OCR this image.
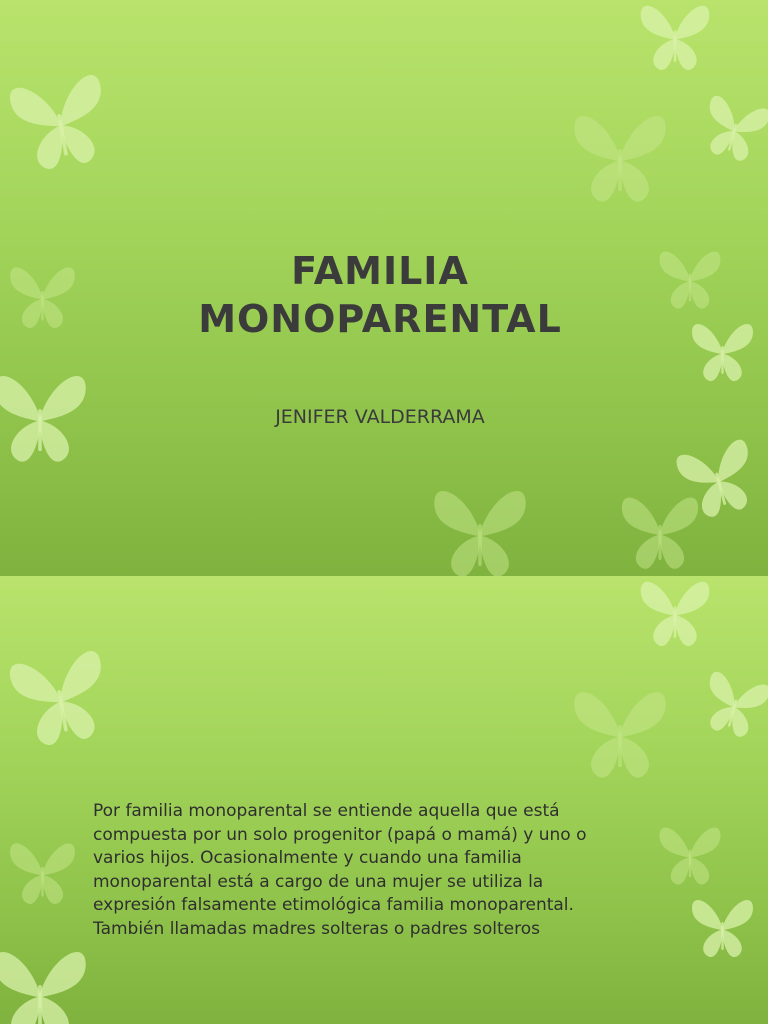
FAMILIA
MONOPARENTAL

JENIFER VALDERRAMA

Por familia monoparental se entiende aquella que está
compuesta por un solo progenitor (papá o mamá) y uno o
varios hijos. Ocasionalmente y cuando una familia
monoparental está a cargo de una mujer se utiliza la
expresión falsamente etimológica familia monoparental.
También llamadas madres solteras o padres solteros
